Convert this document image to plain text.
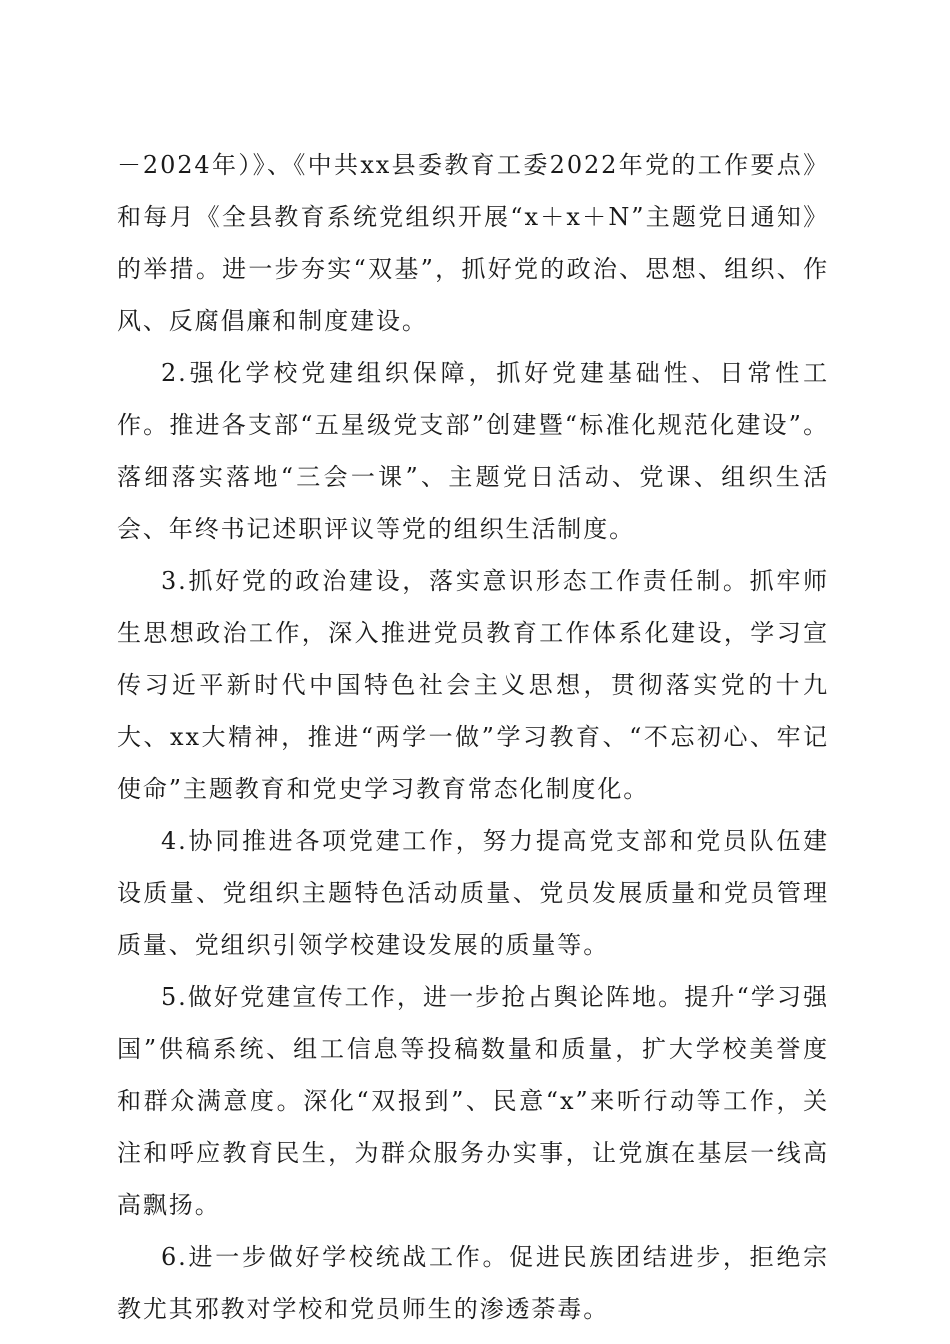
－2024年）》、《中共xx县委教育工委2022年党的工作要点》和每月《全县教育系统党组织开展“x＋x＋N”主题党日通知》的举措。进一步夯实“双基”，抓好党的政治、思想、组织、作风、反腐倡廉和制度建设。

2.强化学校党建组织保障，抓好党建基础性、日常性工作。推进各支部“五星级党支部”创建暨“标准化规范化建设”。落细落实落地“三会一课”、主题党日活动、党课、组织生活会、年终书记述职评议等党的组织生活制度。

3.抓好党的政治建设，落实意识形态工作责任制。抓牢师生思想政治工作，深入推进党员教育工作体系化建设，学习宣传习近平新时代中国特色社会主义思想，贯彻落实党的十九大、xx大精神，推进“两学一做”学习教育、“不忘初心、牢记使命”主题教育和党史学习教育常态化制度化。

4.协同推进各项党建工作，努力提高党支部和党员队伍建设质量、党组织主题特色活动质量、党员发展质量和党员管理质量、党组织引领学校建设发展的质量等。

5.做好党建宣传工作，进一步抢占舆论阵地。提升“学习强国”供稿系统、组工信息等投稿数量和质量，扩大学校美誉度和群众满意度。深化“双报到”、民意“x”来听行动等工作，关注和呼应教育民生，为群众服务办实事，让党旗在基层一线高高飘扬。

6.进一步做好学校统战工作。促进民族团结进步，拒绝宗教尤其邪教对学校和党员师生的渗透荼毒。
